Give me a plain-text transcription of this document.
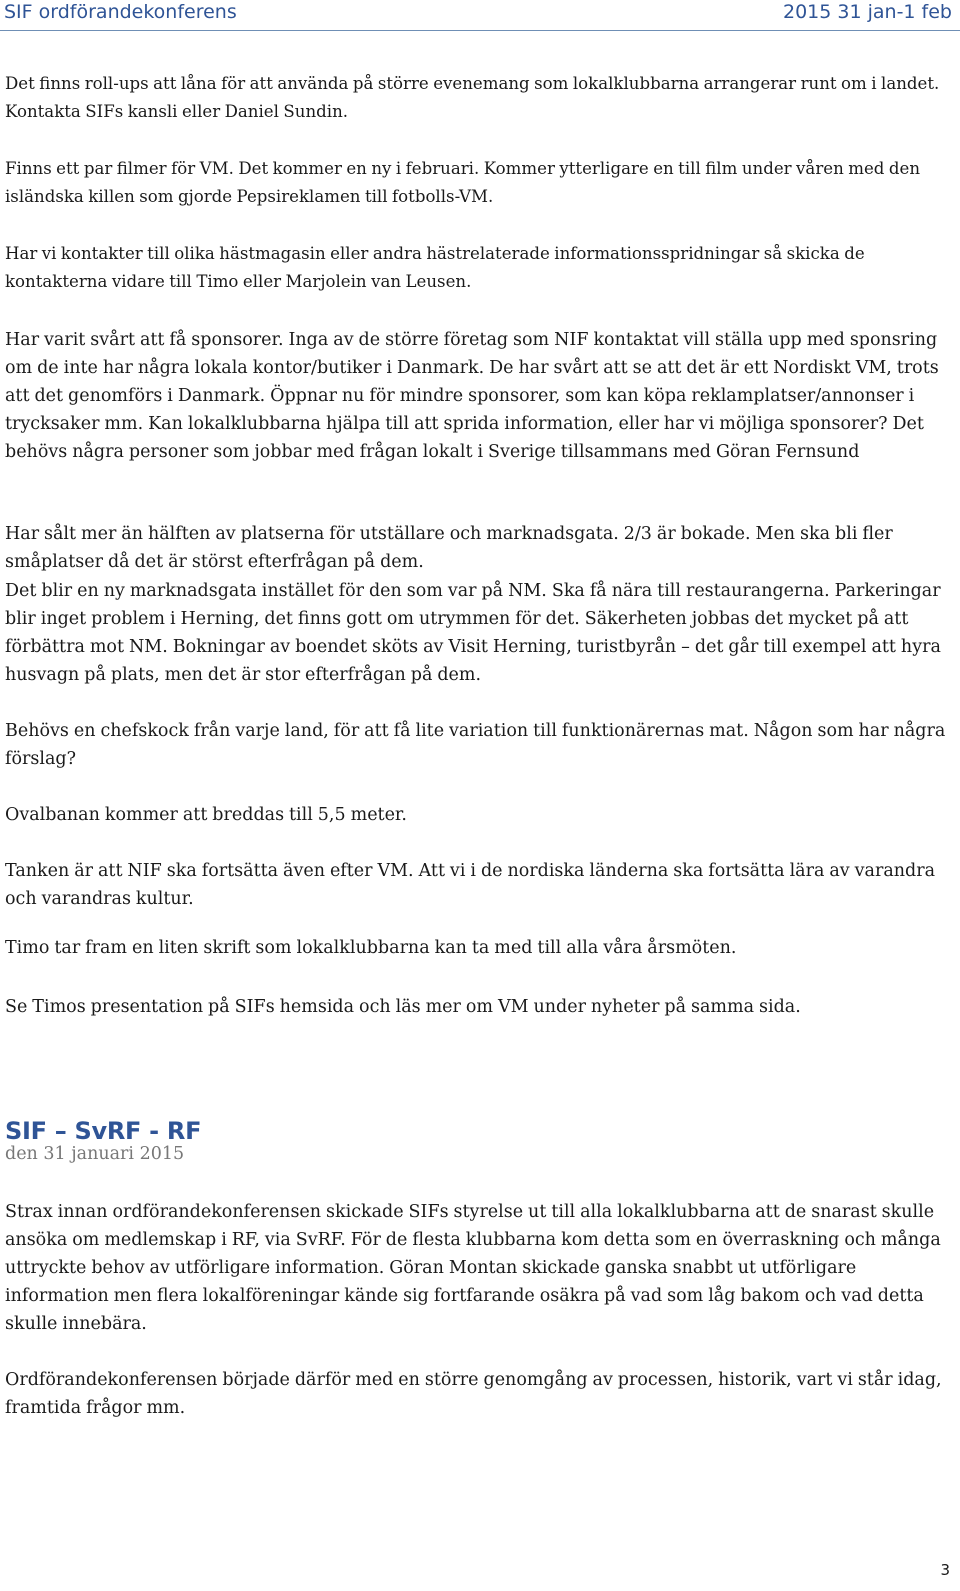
SIF ordförandekonferens	2015 31 jan-1 feb

Det finns roll-ups att låna för att använda på större evenemang som lokalklubbarna arrangerar runt om i landet. Kontakta SIFs kansli eller Daniel Sundin.

Finns ett par filmer för VM. Det kommer en ny i februari. Kommer ytterligare en till film under våren med den isländska killen som gjorde Pepsireklamen till fotbolls-VM.

Har vi kontakter till olika hästmagasin eller andra hästrelaterade informationsspridningar så skicka de kontakterna vidare till Timo eller Marjolein van Leusen.

Har varit svårt att få sponsorer. Inga av de större företag som NIF kontaktat vill ställa upp med sponsring om de inte har några lokala kontor/butiker i Danmark. De har svårt att se att det är ett Nordiskt VM, trots att det genomförs i Danmark. Öppnar nu för mindre sponsorer, som kan köpa reklamplatser/annonser i trycksaker mm. Kan lokalklubbarna hjälpa till att sprida information, eller har vi möjliga sponsorer? Det behövs några personer som jobbar med frågan lokalt i Sverige tillsammans med Göran Fernsund

Har sålt mer än hälften av platserna för utställare och marknadsgata. 2/3 är bokade. Men ska bli fler småplatser då det är störst efterfrågan på dem.

Det blir en ny marknadsgata instället för den som var på NM. Ska få nära till restaurangerna. Parkeringar blir inget problem i Herning, det finns gott om utrymmen för det. Säkerheten jobbas det mycket på att förbättra mot NM. Bokningar av boendet sköts av Visit Herning, turistbyrån – det går till exempel att hyra husvagn på plats, men det är stor efterfrågan på dem.

Behövs en chefskock från varje land, för att få lite variation till funktionärernas mat. Någon som har några förslag?

Ovalbanan kommer att breddas till 5,5 meter.

Tanken är att NIF ska fortsätta även efter VM. Att vi i de nordiska länderna ska fortsätta lära av varandra och varandras kultur.

Timo tar fram en liten skrift som lokalklubbarna kan ta med till alla våra årsmöten.

Se Timos presentation på SIFs hemsida och läs mer om VM under nyheter på samma sida.

SIF – SvRF - RF

den 31 januari 2015

Strax innan ordförandekonferensen skickade SIFs styrelse ut till alla lokalklubbarna att de snarast skulle ansöka om medlemskap i RF, via SvRF. För de flesta klubbarna kom detta som en överraskning och många uttryckte behov av utförligare information. Göran Montan skickade ganska snabbt ut utförligare information men flera lokalföreningar kände sig fortfarande osäkra på vad som låg bakom och vad detta skulle innebära.

Ordförandekonferensen började därför med en större genomgång av processen, historik, vart vi står idag, framtida frågor mm.

3
